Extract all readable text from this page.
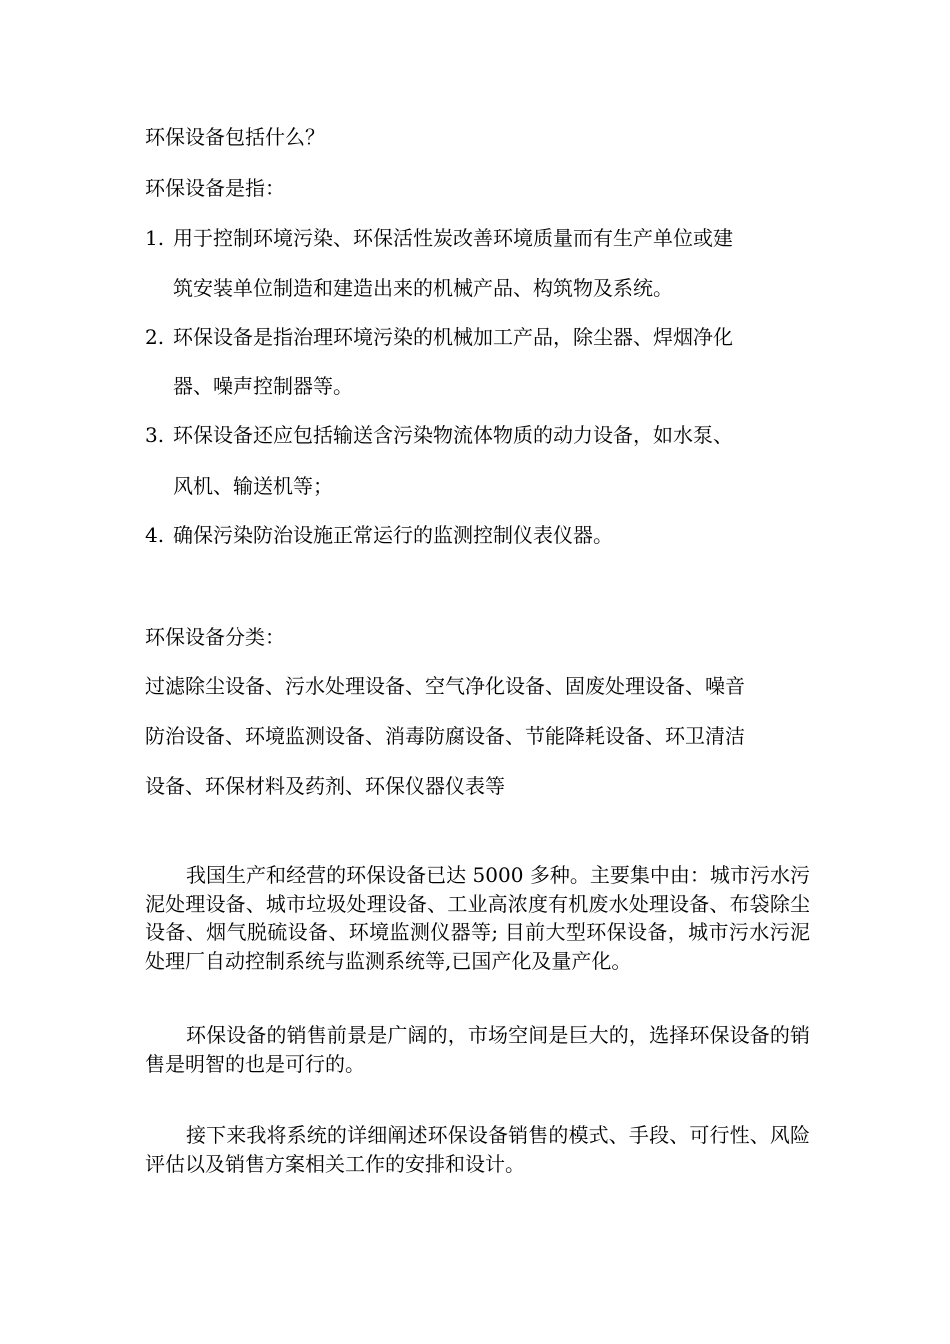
环保设备包括什么？
环保设备是指：
1. 用于控制环境污染、环保活性炭改善环境质量而有生产单位或建
筑安装单位制造和建造出来的机械产品、构筑物及系统。
2. 环保设备是指治理环境污染的机械加工产品，除尘器、焊烟净化
器、噪声控制器等。
3. 环保设备还应包括输送含污染物流体物质的动力设备，如水泵、
风机、输送机等；
4. 确保污染防治设施正常运行的监测控制仪表仪器。
环保设备分类：
过滤除尘设备、污水处理设备、空气净化设备、固废处理设备、噪音
防治设备、环境监测设备、消毒防腐设备、节能降耗设备、环卫清洁
设备、环保材料及药剂、环保仪器仪表等

我国生产和经营的环保设备已达 5000 多种。主要集中由：城市污水污泥处理设备、城市垃圾处理设备、工业高浓度有机废水处理设备、布袋除尘设备、烟气脱硫设备、环境监测仪器等; 目前大型环保设备，城市污水污泥处理厂自动控制系统与监测系统等,已国产化及量产化。

环保设备的销售前景是广阔的，市场空间是巨大的，选择环保设备的销售是明智的也是可行的。

接下来我将系统的详细阐述环保设备销售的模式、手段、可行性、风险评估以及销售方案相关工作的安排和设计。
